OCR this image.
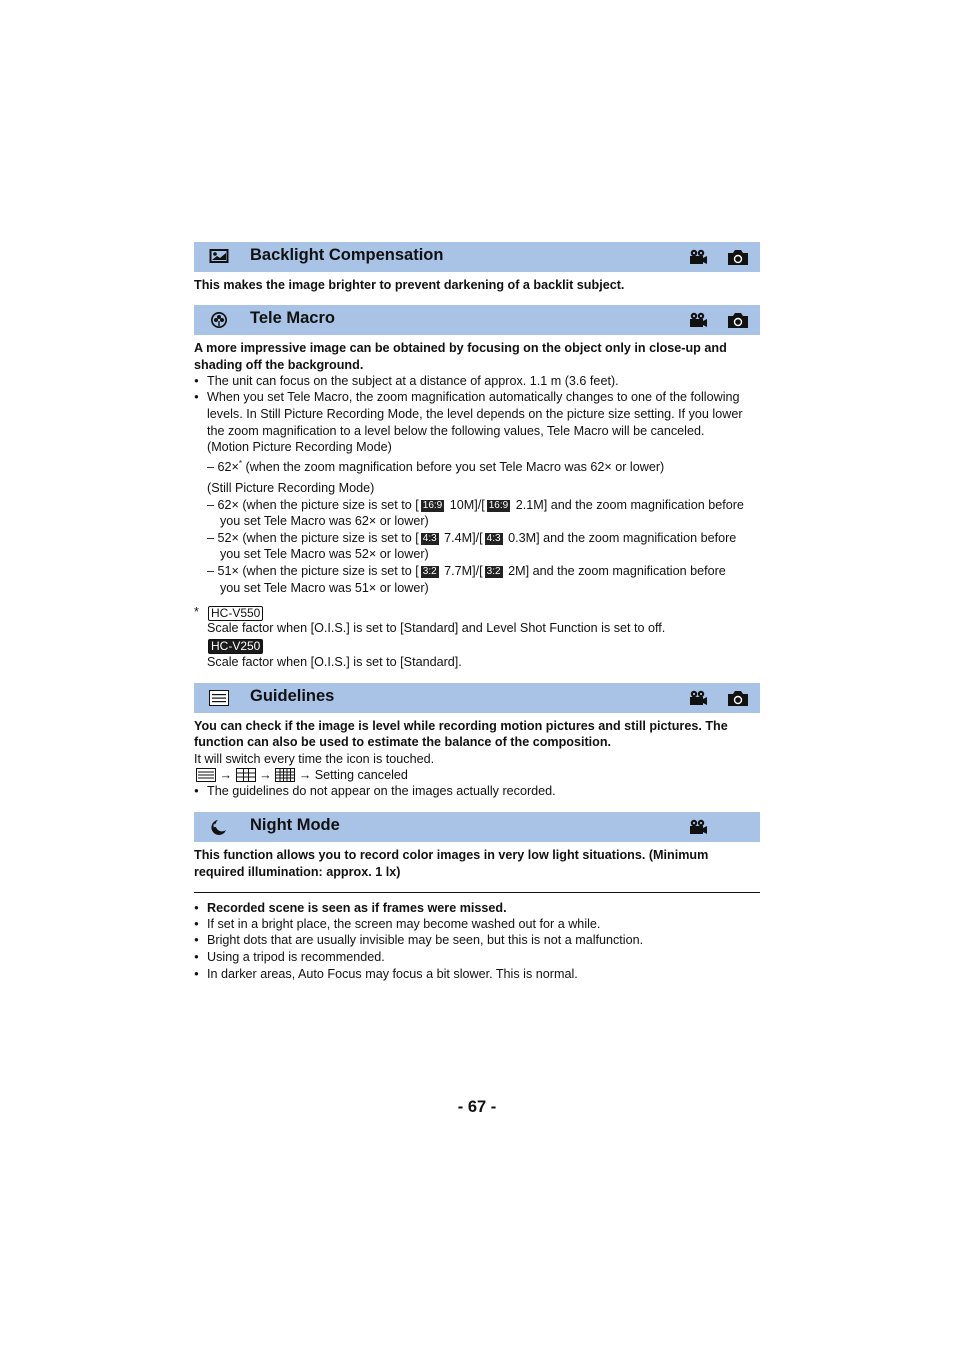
Backlight Compensation
This makes the image brighter to prevent darkening of a backlit subject.
Tele Macro
A more impressive image can be obtained by focusing on the object only in close-up and
shading off the background.
The unit can focus on the subject at a distance of approx. 1.1 m (3.6 feet).
When you set Tele Macro, the zoom magnification automatically changes to one of the following
levels. In Still Picture Recording Mode, the level depends on the picture size setting. If you lower
the zoom magnification to a level below the following values, Tele Macro will be canceled.
(Motion Picture Recording Mode)
– 62×* (when the zoom magnification before you set Tele Macro was 62× or lower)
(Still Picture Recording Mode)
– 62× (when the picture size is set to [ 16:9 10M]/[ 16:9 2.1M] and the zoom magnification before
you set Tele Macro was 62× or lower)
– 52× (when the picture size is set to [ 4:3 7.4M]/[ 4:3 0.3M] and the zoom magnification before
you set Tele Macro was 52× or lower)
– 51× (when the picture size is set to [ 3:2 7.7M]/[ 3:2 2M] and the zoom magnification before
you set Tele Macro was 51× or lower)
* HC-V550
Scale factor when [O.I.S.] is set to [Standard] and Level Shot Function is set to off.
HC-V250
Scale factor when [O.I.S.] is set to [Standard].
Guidelines
You can check if the image is level while recording motion pictures and still pictures. The
function can also be used to estimate the balance of the composition.
It will switch every time the icon is touched.
→ → → Setting canceled
The guidelines do not appear on the images actually recorded.
Night Mode
This function allows you to record color images in very low light situations. (Minimum
required illumination: approx. 1 lx)
Recorded scene is seen as if frames were missed.
If set in a bright place, the screen may become washed out for a while.
Bright dots that are usually invisible may be seen, but this is not a malfunction.
Using a tripod is recommended.
In darker areas, Auto Focus may focus a bit slower. This is normal.
- 67 -
